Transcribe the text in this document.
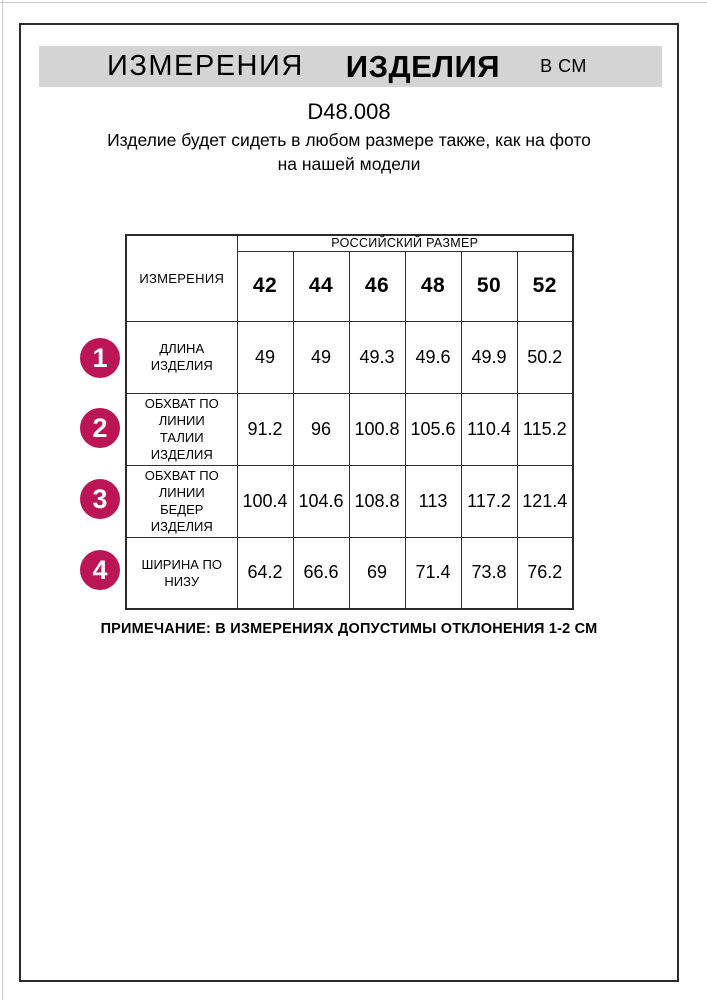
ИЗМЕРЕНИЯ ИЗДЕЛИЯ В СМ
D48.008
Изделие будет сидеть в любом размере также, как на фото
на нашей модели
ИЗМЕРЕНИЯ	РОССИЙСКИЙ РАЗМЕР					
	42	44	46	48	50	52
ДЛИНА ИЗДЕЛИЯ	49	49	49.3	49.6	49.9	50.2
ОБХВАТ ПО ЛИНИИ ТАЛИИ ИЗДЕЛИЯ	91.2	96	100.8	105.6	110.4	115.2
ОБХВАТ ПО ЛИНИИ БЕДЕР ИЗДЕЛИЯ	100.4	104.6	108.8	113	117.2	121.4
ШИРИНА ПО НИЗУ	64.2	66.6	69	71.4	73.8	76.2
1
2
3
4
ПРИМЕЧАНИЕ: В ИЗМЕРЕНИЯХ ДОПУСТИМЫ ОТКЛОНЕНИЯ 1-2 СМ
